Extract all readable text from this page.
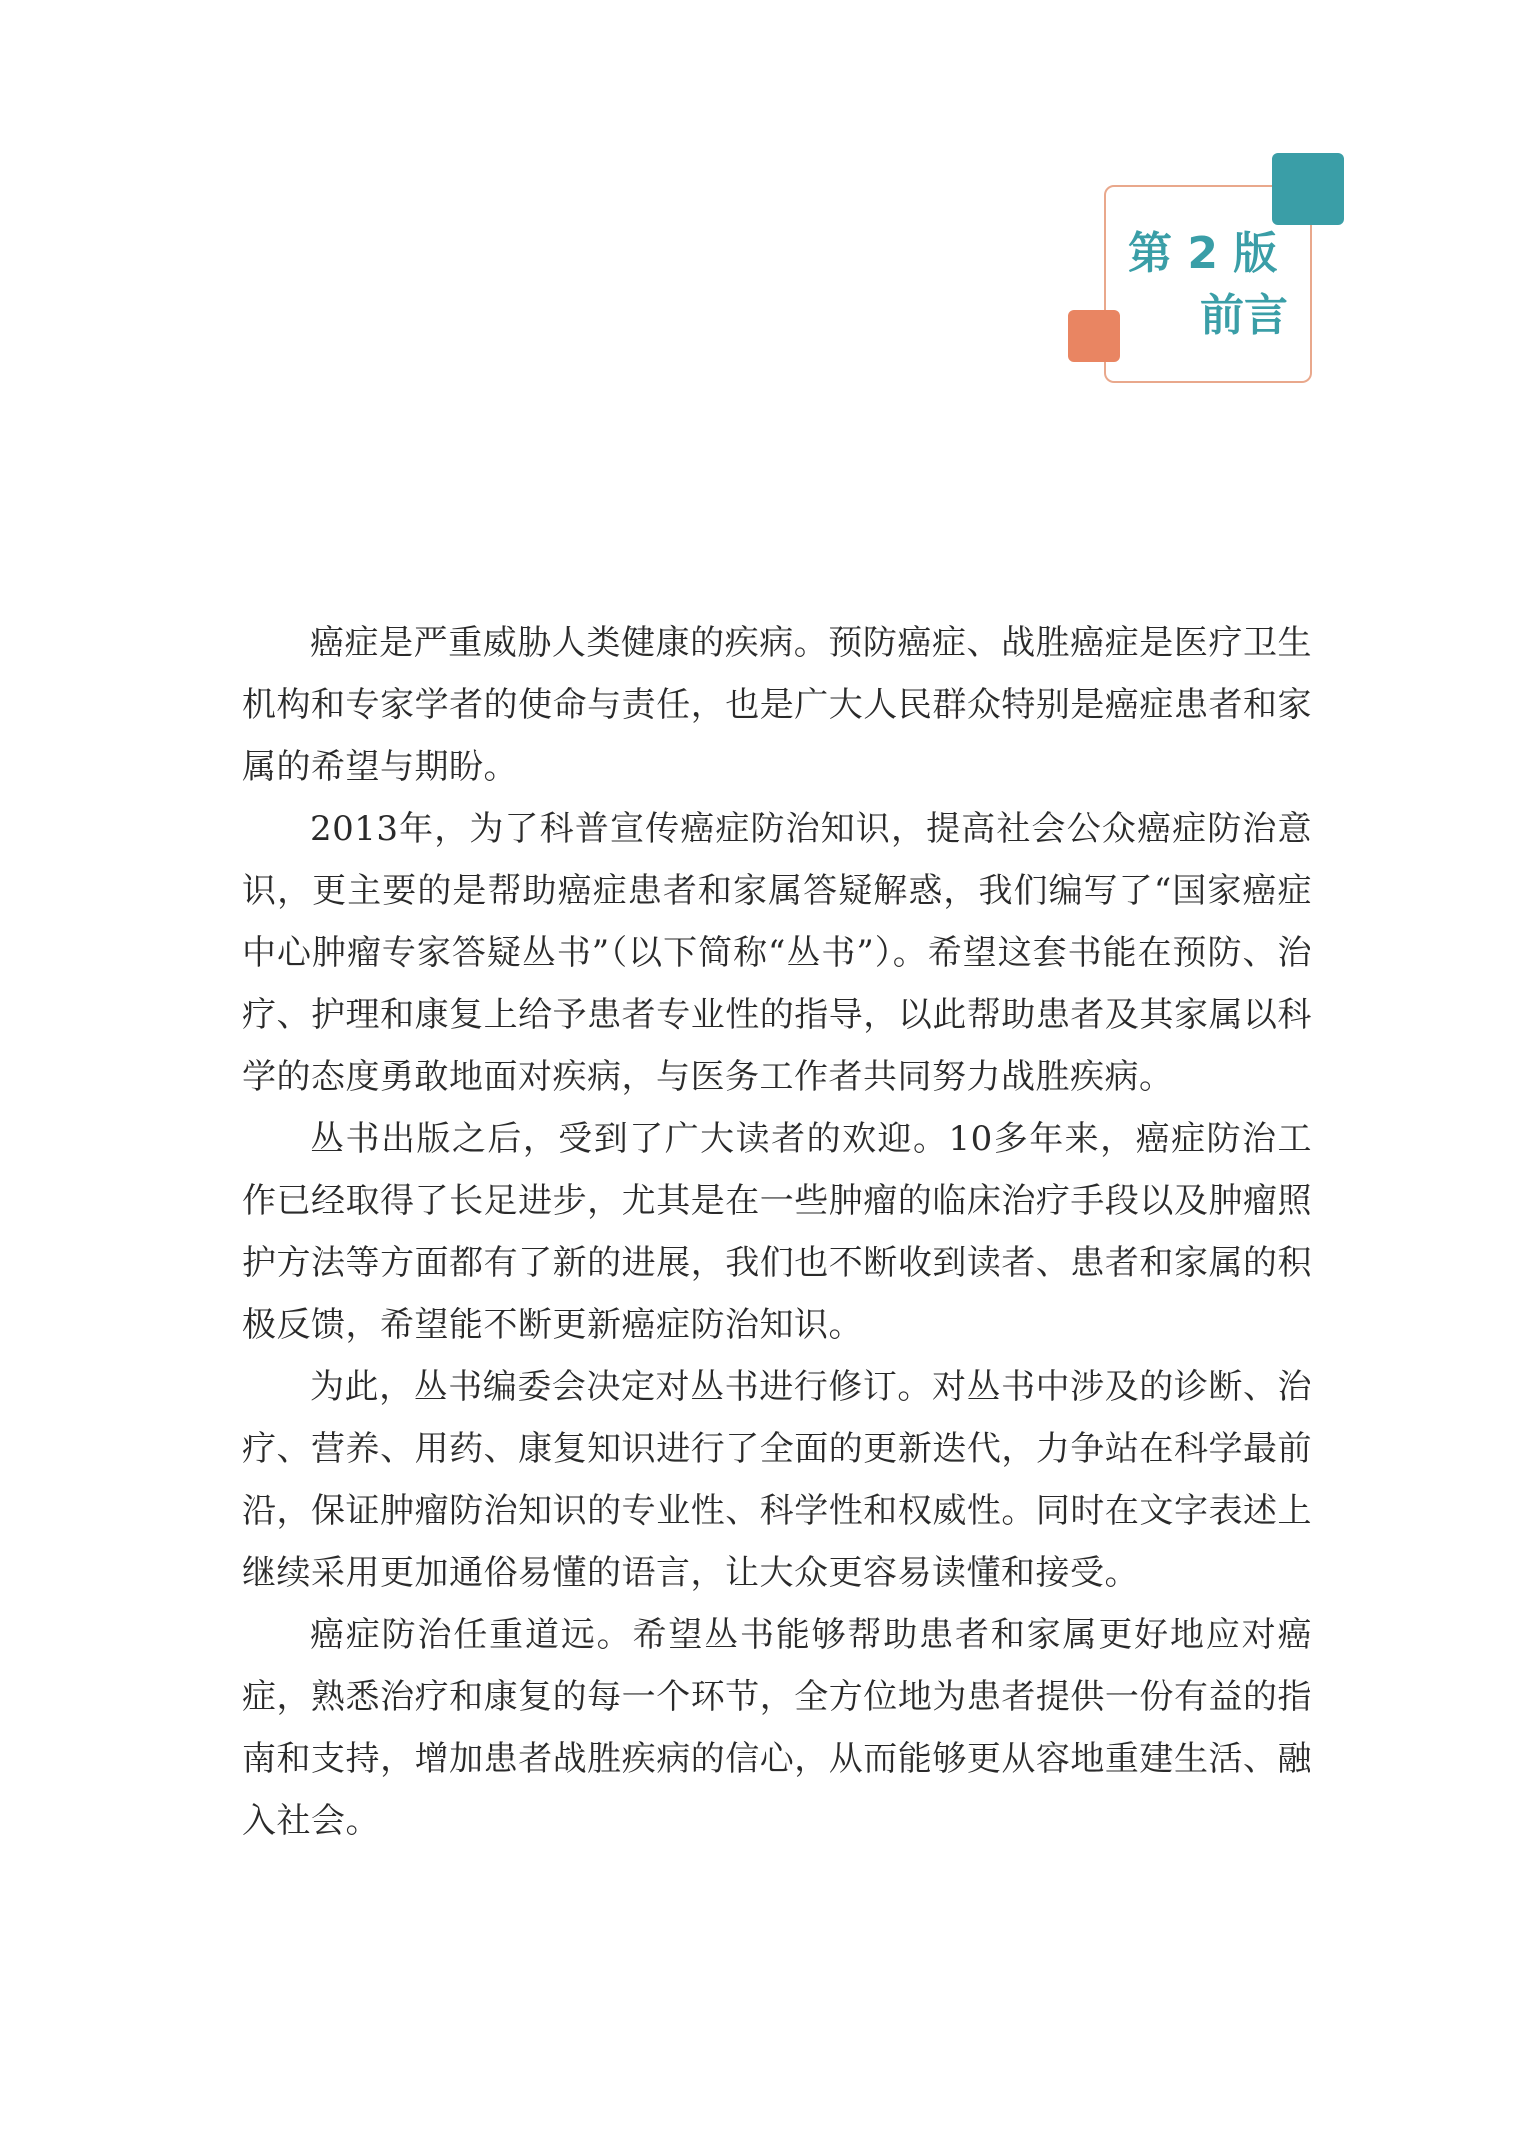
第 2 版
前言

癌症是严重威胁人类健康的疾病。预防癌症、战胜癌症是医疗卫生机构和专家学者的使命与责任，也是广大人民群众特别是癌症患者和家属的希望与期盼。

2013年，为了科普宣传癌症防治知识，提高社会公众癌症防治意识，更主要的是帮助癌症患者和家属答疑解惑，我们编写了“国家癌症中心肿瘤专家答疑丛书”（以下简称“丛书”）。希望这套书能在预防、治疗、护理和康复上给予患者专业性的指导，以此帮助患者及其家属以科学的态度勇敢地面对疾病，与医务工作者共同努力战胜疾病。

丛书出版之后，受到了广大读者的欢迎。10多年来，癌症防治工作已经取得了长足进步，尤其是在一些肿瘤的临床治疗手段以及肿瘤照护方法等方面都有了新的进展，我们也不断收到读者、患者和家属的积极反馈，希望能不断更新癌症防治知识。

为此，丛书编委会决定对丛书进行修订。对丛书中涉及的诊断、治疗、营养、用药、康复知识进行了全面的更新迭代，力争站在科学最前沿，保证肿瘤防治知识的专业性、科学性和权威性。同时在文字表述上继续采用更加通俗易懂的语言，让大众更容易读懂和接受。

癌症防治任重道远。希望丛书能够帮助患者和家属更好地应对癌症，熟悉治疗和康复的每一个环节，全方位地为患者提供一份有益的指南和支持，增加患者战胜疾病的信心，从而能够更从容地重建生活、融入社会。
